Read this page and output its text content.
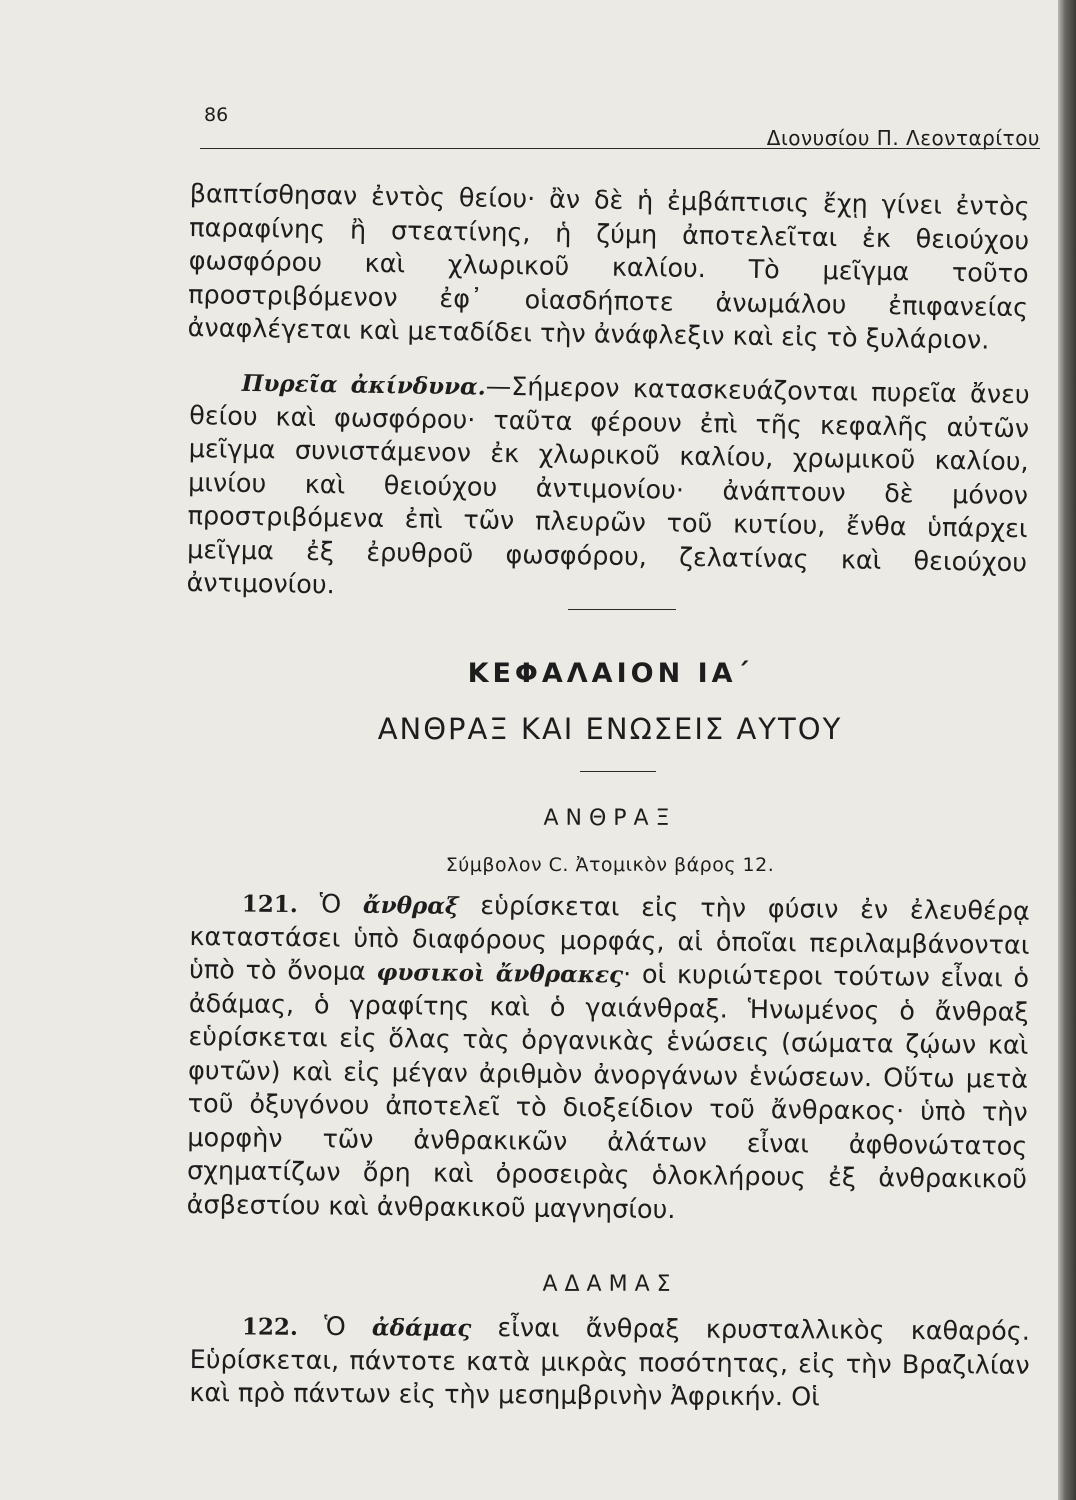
86
Διονυσίου Π. Λεονταρίτου
βαπτίσθησαν ἐντὸς θείου· ἂν δὲ ἡ ἐμβάπτισις ἔχῃ γίνει ἐντὸς παραφίνης ἢ στεατίνης, ἡ ζύμη ἀποτελεῖται ἐκ θειούχου φωσφόρου καὶ χλωρικοῦ καλίου. Τὸ μεῖγμα τοῦτο προστριβόμενον ἐφ᾽ οἱασδήποτε ἀνωμάλου ἐπιφανείας ἀναφλέγεται καὶ μεταδίδει τὴν ἀνάφλεξιν καὶ εἰς τὸ ξυλάριον.
Πυρεῖα ἀκίνδυνα.—Σήμερον κατασκευάζονται πυρεῖα ἄνευ θείου καὶ φωσφόρου· ταῦτα φέρουν ἐπὶ τῆς κεφαλῆς αὐτῶν μεῖγμα συνιστάμενον ἐκ χλωρικοῦ καλίου, χρωμικοῦ καλίου, μινίου καὶ θειούχου ἀντιμονίου· ἀνάπτουν δὲ μόνον προστριβόμενα ἐπὶ τῶν πλευρῶν τοῦ κυτίου, ἔνθα ὑπάρχει μεῖγμα ἐξ ἐρυθροῦ φωσφόρου, ζελατίνας καὶ θειούχου ἀντιμονίου.
ΚΕΦΑΛΑΙΟΝ ΙΑ΄
ΑΝΘΡΑΞ ΚΑΙ ΕΝΩΣΕΙΣ ΑΥΤΟΥ
ΑΝΘΡΑΞ
Σύμβολον C. Ἀτομικὸν βάρος 12.
121. Ὁ ἄνθραξ εὑρίσκεται εἰς τὴν φύσιν ἐν ἐλευθέρᾳ καταστάσει ὑπὸ διαφόρους μορφάς, αἱ ὁποῖαι περιλαμβάνονται ὑπὸ τὸ ὄνομα φυσικοὶ ἄνθρακες· οἱ κυριώτεροι τούτων εἶναι ὁ ἀδάμας, ὁ γραφίτης καὶ ὁ γαιάνθραξ. Ἡνωμένος ὁ ἄνθραξ εὑρίσκεται εἰς ὅλας τὰς ὀργανικὰς ἑνώσεις (σώματα ζῴων καὶ φυτῶν) καὶ εἰς μέγαν ἀριθμὸν ἀνοργάνων ἑνώσεων. Οὕτω μετὰ τοῦ ὀξυγόνου ἀποτελεῖ τὸ διοξείδιον τοῦ ἄνθρακος· ὑπὸ τὴν μορφὴν τῶν ἀνθρακικῶν ἀλάτων εἶναι ἀφθονώτατος σχηματίζων ὄρη καὶ ὀροσειρὰς ὁλοκλήρους ἐξ ἀνθρακικοῦ ἀσβεστίου καὶ ἀνθρακικοῦ μαγνησίου.
ΑΔΑΜΑΣ
122. Ὁ ἀδάμας εἶναι ἄνθραξ κρυσταλλικὸς καθαρός. Εὑρίσκεται, πάντοτε κατὰ μικρὰς ποσότητας, εἰς τὴν Βραζιλίαν καὶ πρὸ πάντων εἰς τὴν μεσημβρινὴν Ἀφρικήν. Οἱ
